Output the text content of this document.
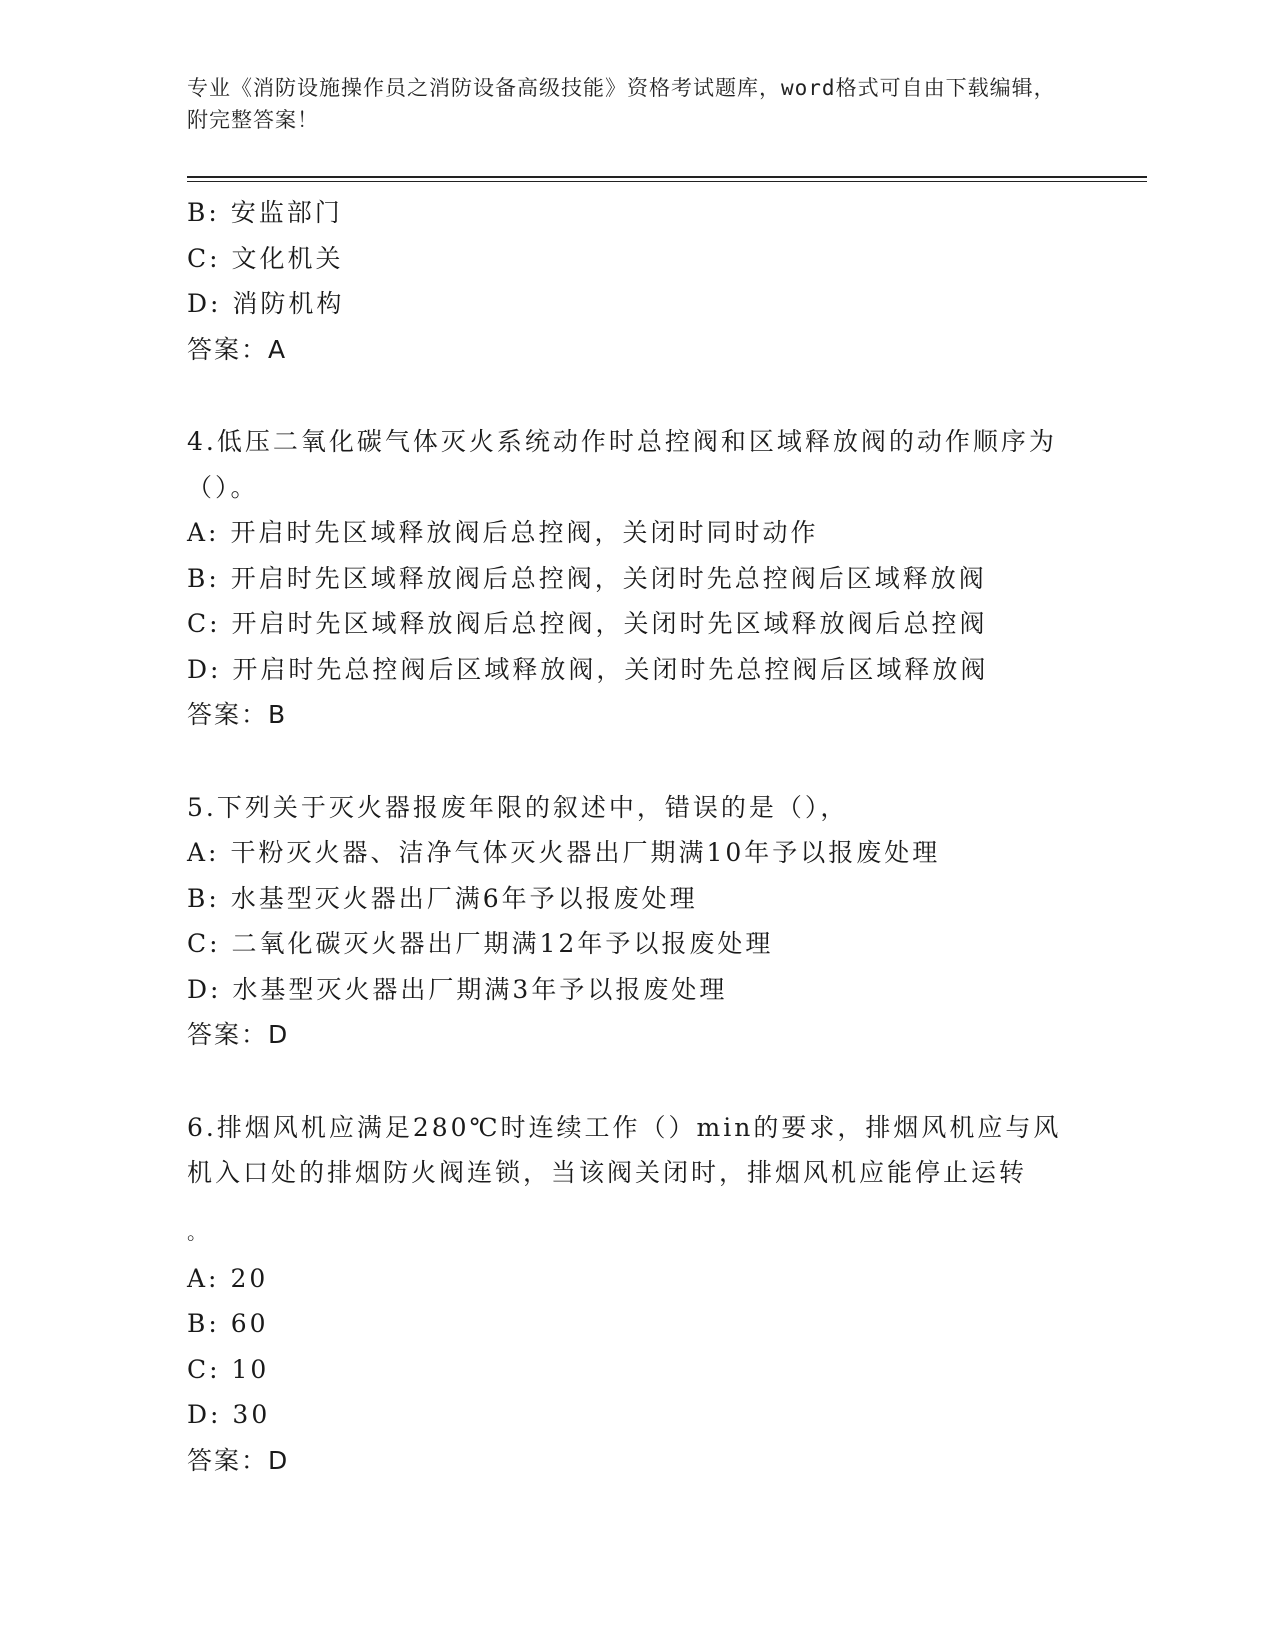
专业《消防设施操作员之消防设备高级技能》资格考试题库，word格式可自由下载编辑，附完整答案！
B: 安监部门
C: 文化机关
D: 消防机构
答案：A
4.低压二氧化碳气体灭火系统动作时总控阀和区域释放阀的动作顺序为（）。
A: 开启时先区域释放阀后总控阀，关闭时同时动作
B: 开启时先区域释放阀后总控阀，关闭时先总控阀后区域释放阀
C: 开启时先区域释放阀后总控阀，关闭时先区域释放阀后总控阀
D: 开启时先总控阀后区域释放阀，关闭时先总控阀后区域释放阀
答案：B
5.下列关于灭火器报废年限的叙述中，错误的是（），
A: 干粉灭火器、洁净气体灭火器出厂期满10年予以报废处理
B: 水基型灭火器出厂满6年予以报废处理
C: 二氧化碳灭火器出厂期满12年予以报废处理
D: 水基型灭火器出厂期满3年予以报废处理
答案：D
6.排烟风机应满足280℃时连续工作（）min的要求，排烟风机应与风机入口处的排烟防火阀连锁，当该阀关闭时，排烟风机应能停止运转
。
A: 20
B: 60
C: 10
D: 30
答案：D
